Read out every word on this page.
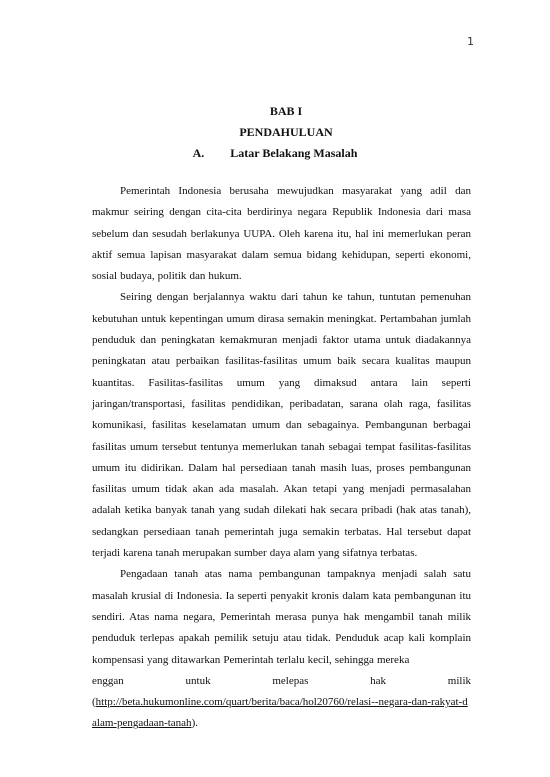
1
BAB I
PENDAHULUAN
A. Latar Belakang Masalah

Pemerintah Indonesia berusaha mewujudkan masyarakat yang adil dan makmur seiring dengan cita-cita berdirinya negara Republik Indonesia dari masa sebelum dan sesudah berlakunya UUPA. Oleh karena itu, hal ini memerlukan peran aktif semua lapisan masyarakat dalam semua bidang kehidupan, seperti ekonomi, sosial budaya, politik dan hukum.

Seiring dengan berjalannya waktu dari tahun ke tahun, tuntutan pemenuhan kebutuhan untuk kepentingan umum dirasa semakin meningkat. Pertambahan jumlah penduduk dan peningkatan kemakmuran menjadi faktor utama untuk diadakannya peningkatan atau perbaikan fasilitas-fasilitas umum baik secara kualitas maupun kuantitas. Fasilitas-fasilitas umum yang dimaksud antara lain seperti jaringan/transportasi, fasilitas pendidikan, peribadatan, sarana olah raga, fasilitas komunikasi, fasilitas keselamatan umum dan sebagainya. Pembangunan berbagai fasilitas umum tersebut tentunya memerlukan tanah sebagai tempat fasilitas-fasilitas umum itu didirikan. Dalam hal persediaan tanah masih luas, proses pembangunan fasilitas umum tidak akan ada masalah. Akan tetapi yang menjadi permasalahan adalah ketika banyak tanah yang sudah dilekati hak secara pribadi (hak atas tanah), sedangkan persediaan tanah pemerintah juga semakin terbatas. Hal tersebut dapat terjadi karena tanah merupakan sumber daya alam yang sifatnya terbatas.

Pengadaan tanah atas nama pembangunan tampaknya menjadi salah satu masalah krusial di Indonesia. Ia seperti penyakit kronis dalam kata pembangunan itu sendiri. Atas nama negara, Pemerintah merasa punya hak mengambil tanah milik penduduk terlepas apakah pemilik setuju atau tidak. Penduduk acap kali komplain kompensasi yang ditawarkan Pemerintah terlalu kecil, sehingga mereka

enggan untuk melepas hak milik
(http://beta.hukumonline.com/quart/berita/baca/hol20760/relasi--negara-dan-rakyat-dalam-pengadaan-tanah).
